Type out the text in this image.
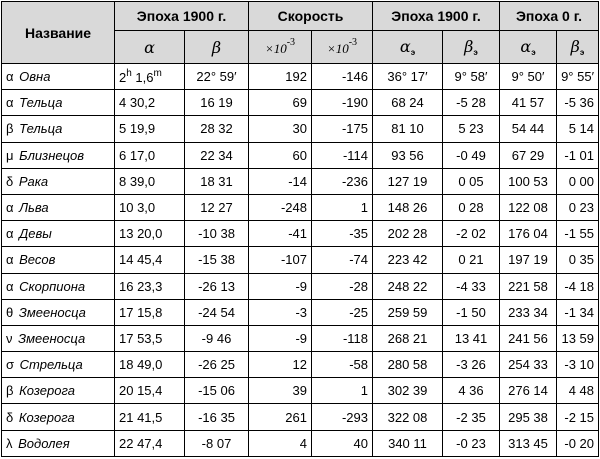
Название	Эпоха 1900 г.		Скорость		Эпоха 1900 г.		Эпоха 0 г.	
	α	β	$\times 10^{-3}$	$\times 10^{-3}$	$\alpha_э$	$\beta_э$	$\alpha_э$	$\beta_э$
α Овна	2$^h$ 1,6$^m$	22° 59′	192	-146	36° 17′	9° 58′	9° 50′	9° 55′
α Тельца	4 30,2	16 19	69	-190	68 24	-5 28	41 57	-5 36
β Тельца	5 19,9	28 32	30	-175	81 10	5 23	54 44	5 14
μ Близнецов	6 17,0	22 34	60	-114	93 56	-0 49	67 29	-1 01
δ Рака	8 39,0	18 31	-14	-236	127 19	0 05	100 53	0 00
α Льва	10 3,0	12 27	-248	1	148 26	0 28	122 08	0 23
α Девы	13 20,0	-10 38	-41	-35	202 28	-2 02	176 04	-1 55
α Весов	14 45,4	-15 38	-107	-74	223 42	0 21	197 19	0 35
α Скорпиона	16 23,3	-26 13	-9	-28	248 22	-4 33	221 58	-4 18
θ Змееносца	17 15,8	-24 54	-3	-25	259 59	-1 50	233 34	-1 34
ν Змееносца	17 53,5	-9 46	-9	-118	268 21	13 41	241 56	13 59
σ Стрельца	18 49,0	-26 25	12	-58	280 58	-3 26	254 33	-3 10
β Козерога	20 15,4	-15 06	39	1	302 39	4 36	276 14	4 48
δ Козерога	21 41,5	-16 35	261	-293	322 08	-2 35	295 38	-2 15
λ Водолея	22 47,4	-8 07	4	40	340 11	-0 23	313 45	-0 20
